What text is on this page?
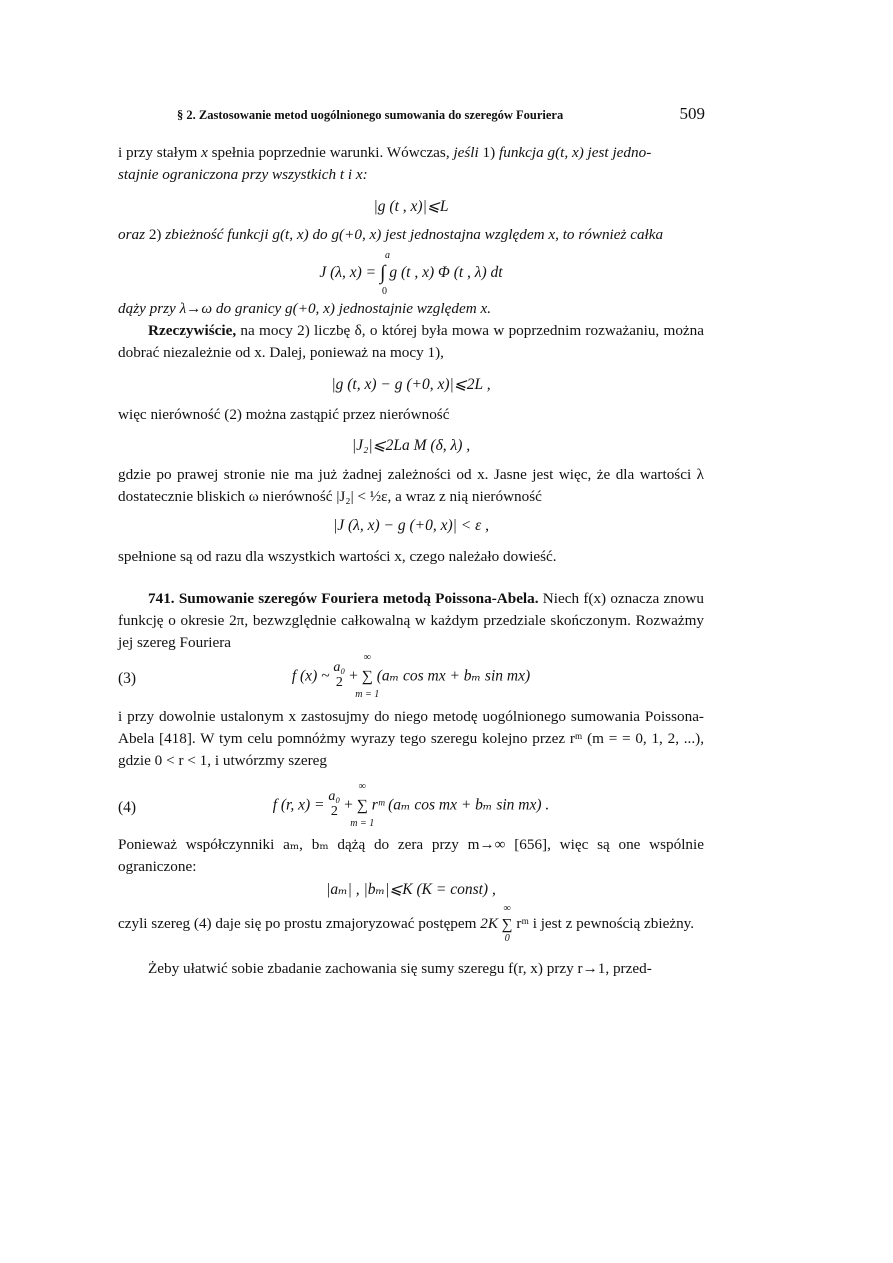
§ 2. Zastosowanie metod uogólnionego sumowania do szeregów Fouriera	509
i przy stałym x spełnia poprzednie warunki. Wówczas, jeśli 1) funkcja g(t, x) jest jedno-
stajnie ograniczona przy wszystkich t i x:
|g (t , x)|⩽L
oraz 2) zbieżność funkcji g(t, x) do g(+0, x) jest jednostajna względem x, to również całka
J (λ, x) = ∫
a
0
g (t , x) Φ (t , λ) dt
dąży przy λ→ω do granicy g(+0, x) jednostajnie względem x.
Rzeczywiście, na mocy 2) liczbę δ, o której była mowa w poprzednim rozważaniu, można dobrać niezależnie od x. Dalej, ponieważ na mocy 1),
|g (t, x) − g (+0, x)|⩽2L ,
więc nierówność (2) można zastąpić przez nierówność
|J₂|⩽2La M (δ, λ) ,
gdzie po prawej stronie nie ma już żadnej zależności od x. Jasne jest więc, że dla wartości λ dostatecznie bliskich ω nierówność |J₂| < ½ε, a wraz z nią nierówność
|J (λ, x) − g (+0, x)| < ε ,
spełnione są od razu dla wszystkich wartości x, czego należało dowieść.
741. Sumowanie szeregów Fouriera metodą Poissona-Abela. Niech f(x) oznacza znowu funkcję o okresie 2π, bezwzględnie całkowalną w każdym przedziale skończonym. Rozważmy jej szereg Fouriera
(3)	f (x) ~
a₀
2 + ∑
∞
m = 1
(aₘ cos mx + bₘ sin mx)
i przy dowolnie ustalonym x zastosujmy do niego metodę uogólnionego sumowania Poissona-Abela [418]. W tym celu pomnóżmy wyrazy tego szeregu kolejno przez rᵐ (m = = 0, 1, 2, ...), gdzie 0 < r < 1, i utwórzmy szereg
(4)	f (r, x) =
a₀
2 + ∑
∞
m = 1
rᵐ (aₘ cos mx + bₘ sin mx) .
Ponieważ współczynniki aₘ, bₘ dążą do zera przy m→∞ [656], więc są one wspólnie ograniczone:
|aₘ| , |bₘ|⩽K (K = const) ,
czyli szereg (4) daje się po prostu zmajoryzować postępem 2K ∑
∞
0
rᵐ i jest z pewnością zbieżny.
Żeby ułatwić sobie zbadanie zachowania się sumy szeregu f(r, x) przy r→1, przed-
